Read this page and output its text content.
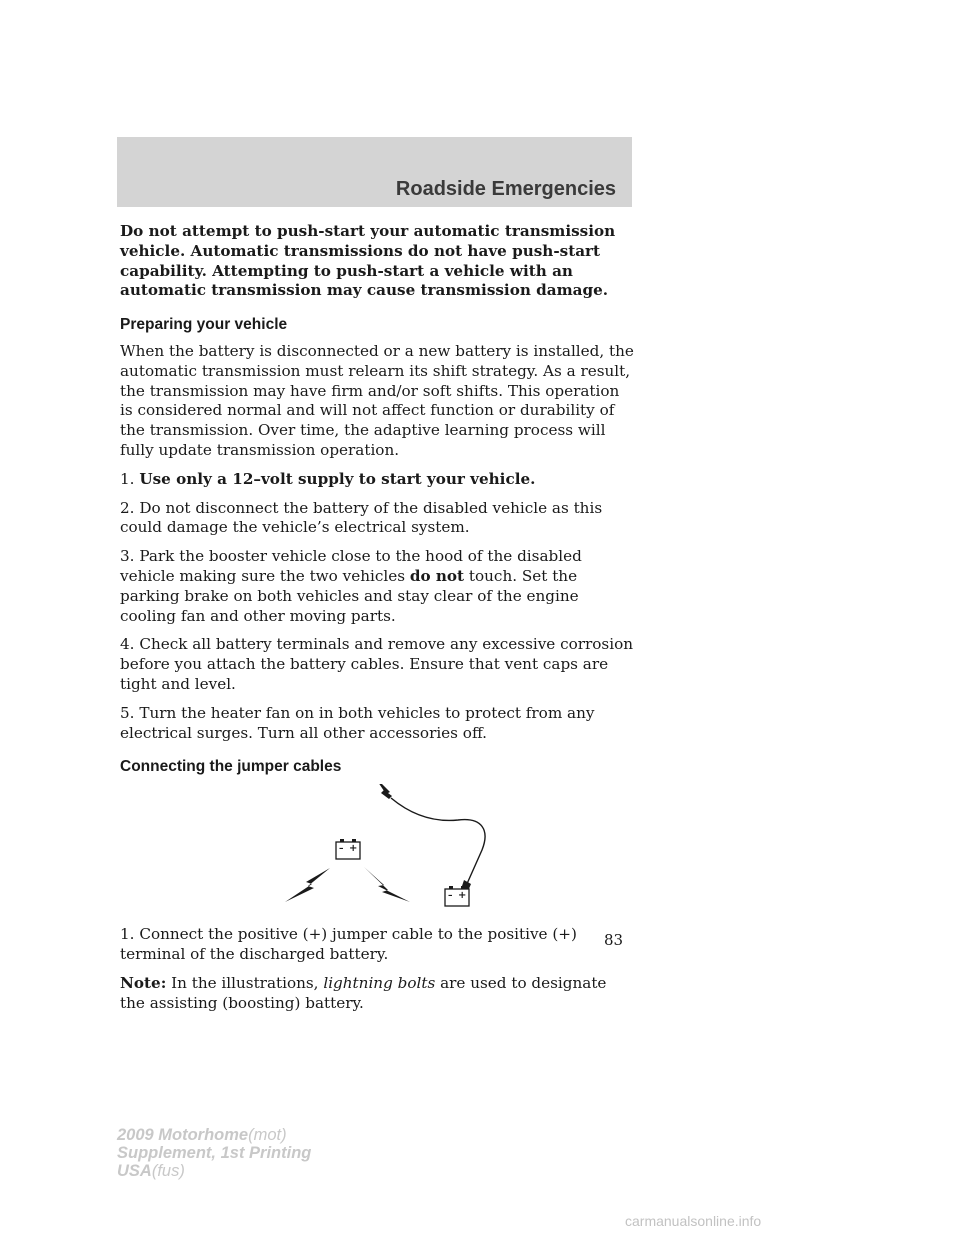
Roadside Emergencies

Do not attempt to push-start your automatic transmission vehicle. Automatic transmissions do not have push-start capability. Attempting to push-start a vehicle with an automatic transmission may cause transmission damage.

Preparing your vehicle

When the battery is disconnected or a new battery is installed, the automatic transmission must relearn its shift strategy. As a result, the transmission may have firm and/or soft shifts. This operation is considered normal and will not affect function or durability of the transmission. Over time, the adaptive learning process will fully update transmission operation.

1. Use only a 12–volt supply to start your vehicle.

2. Do not disconnect the battery of the disabled vehicle as this could damage the vehicle’s electrical system.

3. Park the booster vehicle close to the hood of the disabled vehicle making sure the two vehicles do not touch. Set the parking brake on both vehicles and stay clear of the engine cooling fan and other moving parts.

4. Check all battery terminals and remove any excessive corrosion before you attach the battery cables. Ensure that vent caps are tight and level.

5. Turn the heater fan on in both vehicles to protect from any electrical surges. Turn all other accessories off.

Connecting the jumper cables

– +
– +

1. Connect the positive (+) jumper cable to the positive (+) terminal of the discharged battery.

Note: In the illustrations, lightning bolts are used to designate the assisting (boosting) battery.

83
2009 Motorhome(mot)
Supplement, 1st Printing
USA(fus)
carmanualsonline.info
